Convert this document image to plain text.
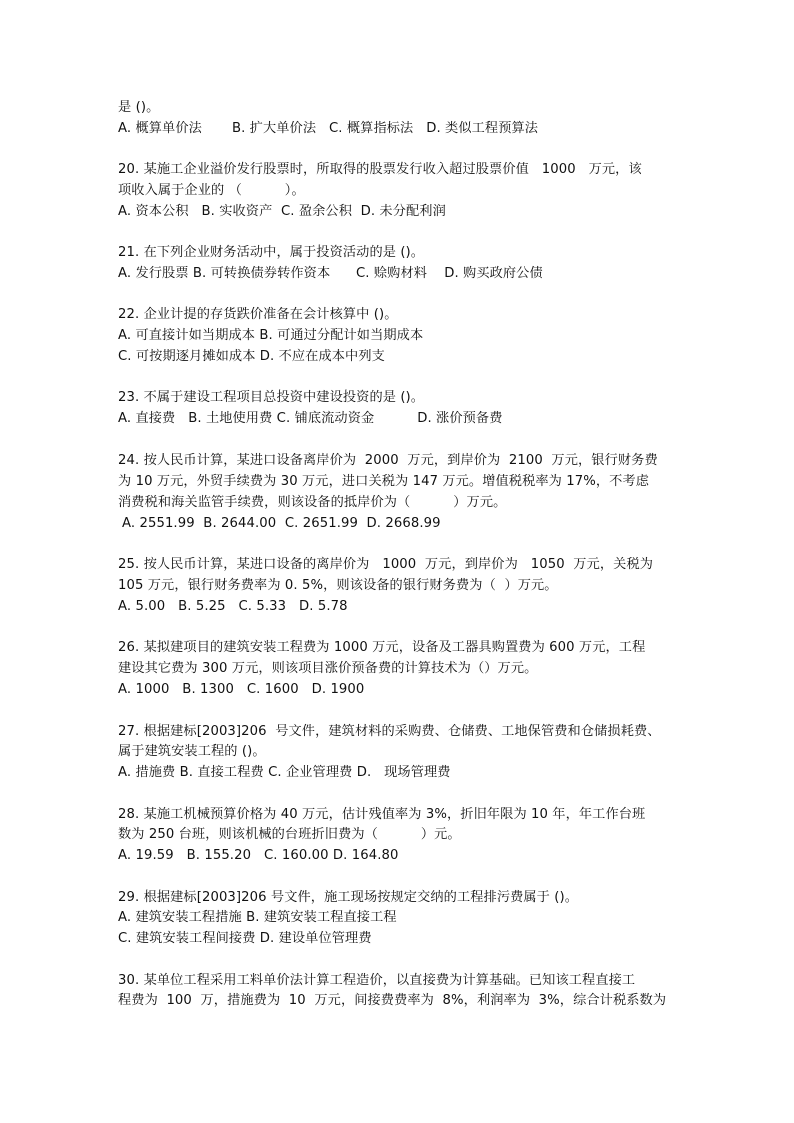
是 ()。
A. 概算单价法       B. 扩大单价法   C. 概算指标法   D. 类似工程预算法
20. 某施工企业溢价发行股票时，所取得的股票发行收入超过股票价值   1000   万元，该
项收入属于企业的 （          ）。
A. 资本公积   B. 实收资产  C. 盈余公积  D. 未分配利润
21. 在下列企业财务活动中，属于投资活动的是 ()。
A. 发行股票 B. 可转换债券转作资本      C. 赊购材料    D. 购买政府公债
22. 企业计提的存货跌价准备在会计核算中 ()。
A. 可直接计如当期成本 B. 可通过分配计如当期成本
C. 可按期逐月摊如成本 D. 不应在成本中列支
23. 不属于建设工程项目总投资中建设投资的是 ()。
A. 直接费   B. 土地使用费 C. 铺底流动资金          D. 涨价预备费
24. 按人民币计算，某进口设备离岸价为  2000  万元，到岸价为  2100  万元，银行财务费
为 10 万元，外贸手续费为 30 万元，进口关税为 147 万元。增值税税率为 17%，不考虑
消费税和海关监管手续费，则该设备的抵岸价为（          ）万元。
A. 2551.99  B. 2644.00  C. 2651.99  D. 2668.99
25. 按人民币计算，某进口设备的离岸价为   1000  万元，到岸价为   1050  万元，关税为
105 万元，银行财务费率为 0. 5%，则该设备的银行财务费为（  ）万元。
A. 5.00   B. 5.25   C. 5.33   D. 5.78
26. 某拟建项目的建筑安装工程费为 1000 万元，设备及工器具购置费为 600 万元，工程
建设其它费为 300 万元，则该项目涨价预备费的计算技术为（）万元。
A. 1000   B. 1300   C. 1600   D. 1900
27. 根据建标[2003]206  号文件，建筑材料的采购费、仓储费、工地保管费和仓储损耗费、
属于建筑安装工程的 ()。
A. 措施费 B. 直接工程费 C. 企业管理费 D.   现场管理费
28. 某施工机械预算价格为 40 万元，估计残值率为 3%，折旧年限为 10 年，年工作台班
数为 250 台班，则该机械的台班折旧费为（          ）元。
A. 19.59   B. 155.20   C. 160.00 D. 164.80
29. 根据建标[2003]206 号文件，施工现场按规定交纳的工程排污费属于 ()。
A. 建筑安装工程措施 B. 建筑安装工程直接工程
C. 建筑安装工程间接费 D. 建设单位管理费
30. 某单位工程采用工料单价法计算工程造价，以直接费为计算基础。已知该工程直接工
程费为  100  万，措施费为  10  万元，间接费费率为  8%，利润率为  3%，综合计税系数为
